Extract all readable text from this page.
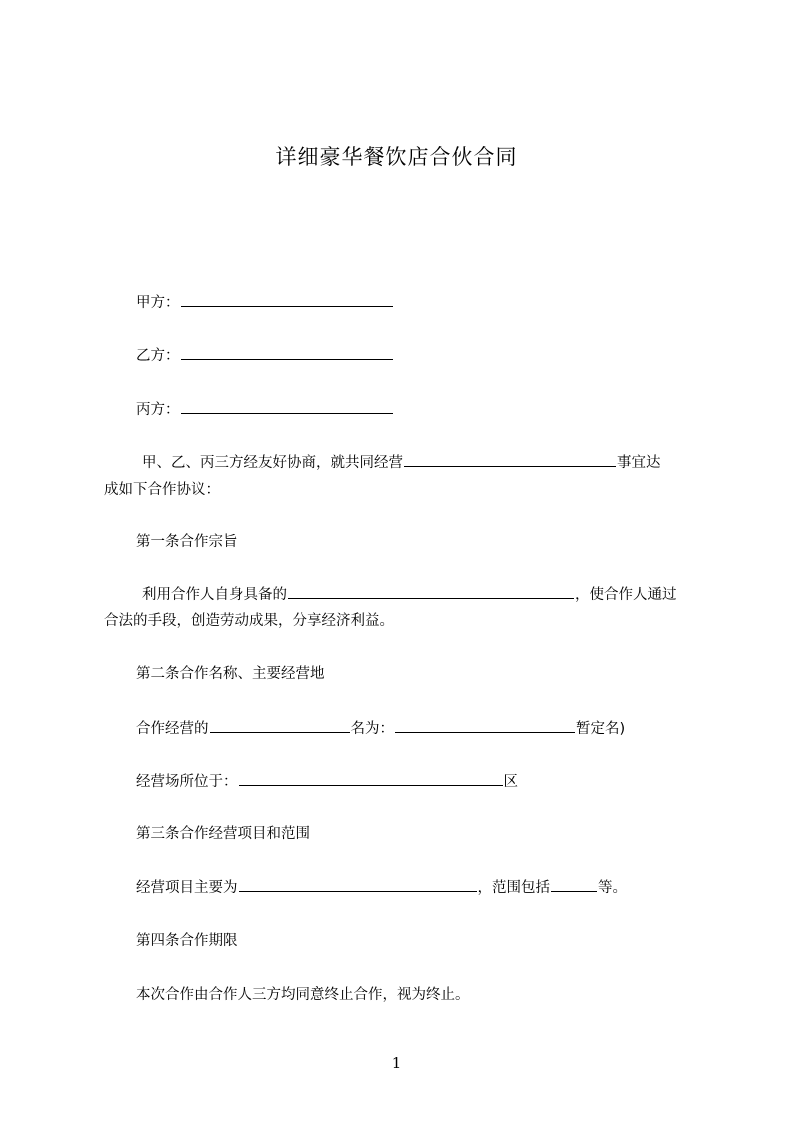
详细豪华餐饮店合伙合同
甲方：
乙方：
丙方：
甲、乙、丙三方经友好协商，就共同经营	事宜达
成如下合作协议：
第一条合作宗旨
利用合作人自身具备的	，使合作人通过
合法的手段，创造劳动成果，分享经济利益。
第二条合作名称、主要经营地
合作经营的	名为：	暂定名)
经营场所位于：	区
第三条合作经营项目和范围
经营项目主要为	，范围包括	等。
第四条合作期限
本次合作由合作人三方均同意终止合作，视为终止。
1
